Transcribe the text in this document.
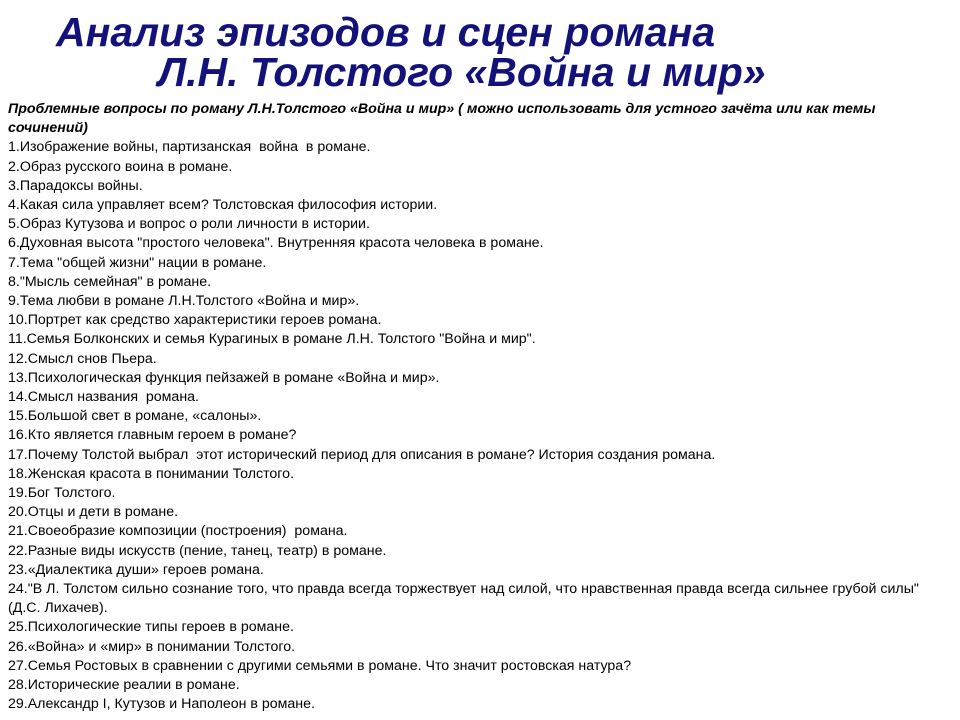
Анализ эпизодов и сцен романа
Л.Н. Толстого «Война и мир»

Проблемные вопросы по роману Л.Н.Толстого «Война и мир» ( можно использовать для устного зачёта или как темы сочинений)

1.Изображение войны, партизанская  война  в романе.
2.Образ русского воина в романе.
3.Парадоксы войны.
4.Какая сила управляет всем? Толстовская философия истории.
5.Образ Кутузова и вопрос о роли личности в истории.
6.Духовная высота "простого человека". Внутренняя красота человека в романе.
7.Тема "общей жизни" нации в романе.
8."Мысль семейная" в романе.
9.Тема любви в романе Л.Н.Толстого «Война и мир».
10.Портрет как средство характеристики героев романа.
11.Семья Болконских и семья Курагиных в романе Л.Н. Толстого "Война и мир".
12.Смысл снов Пьера.
13.Психологическая функция пейзажей в романе «Война и мир».
14.Смысл названия  романа.
15.Большой свет в романе, «салоны».
16.Кто является главным героем в романе?
17.Почему Толстой выбрал  этот исторический период для описания в романе? История создания романа.
18.Женская красота в понимании Толстого.
19.Бог Толстого.
20.Отцы и дети в романе.
21.Своеобразие композиции (построения)  романа.
22.Разные виды искусств (пение, танец, театр) в романе.
23.«Диалектика души» героев романа.
24."В Л. Толстом сильно сознание того, что правда всегда торжествует над силой, что нравственная правда всегда сильнее грубой силы" (Д.С. Лихачев).
25.Психологические типы героев в романе.
26.«Война» и «мир» в понимании Толстого.
27.Семья Ростовых в сравнении с другими семьями в романе. Что значит ростовская натура?
28.Исторические реалии в романе.
29.Александр I, Кутузов и Наполеон в романе.
